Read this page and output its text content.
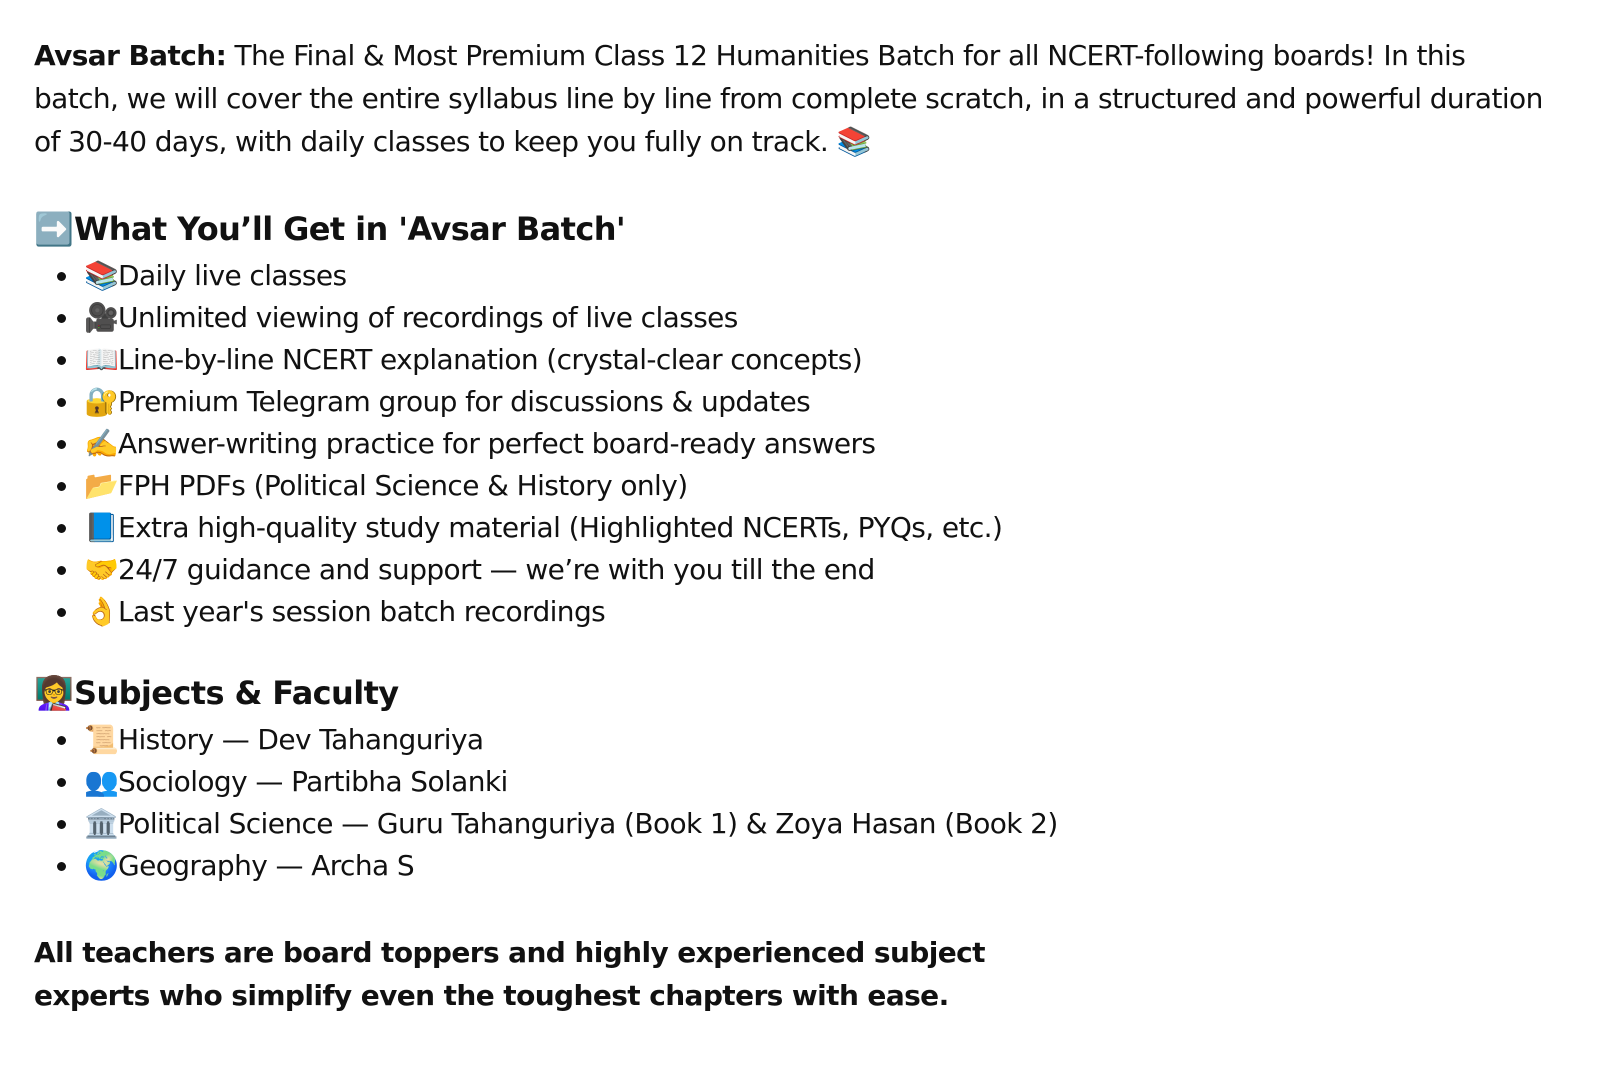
Avsar Batch: The Final & Most Premium Class 12 Humanities Batch for all NCERT-following boards! In this batch, we will cover the entire syllabus line by line from complete scratch, in a structured and powerful duration of 30-40 days, with daily classes to keep you fully on track. 📚

➡️What You’ll Get in 'Avsar Batch'
📚Daily live classes
🎥Unlimited viewing of recordings of live classes
📖Line-by-line NCERT explanation (crystal-clear concepts)
🔐Premium Telegram group for discussions & updates
✍️Answer-writing practice for perfect board-ready answers
📂FPH PDFs (Political Science & History only)
📘Extra high-quality study material (Highlighted NCERTs, PYQs, etc.)
🤝24/7 guidance and support — we’re with you till the end
👌Last year's session batch recordings
👩‍🏫Subjects & Faculty
📜History — Dev Tahanguriya
👥Sociology — Partibha Solanki
🏛️Political Science — Guru Tahanguriya (Book 1) & Zoya Hasan (Book 2)
🌍Geography — Archa S

All teachers are board toppers and highly experienced subject experts who simplify even the toughest chapters with ease.
